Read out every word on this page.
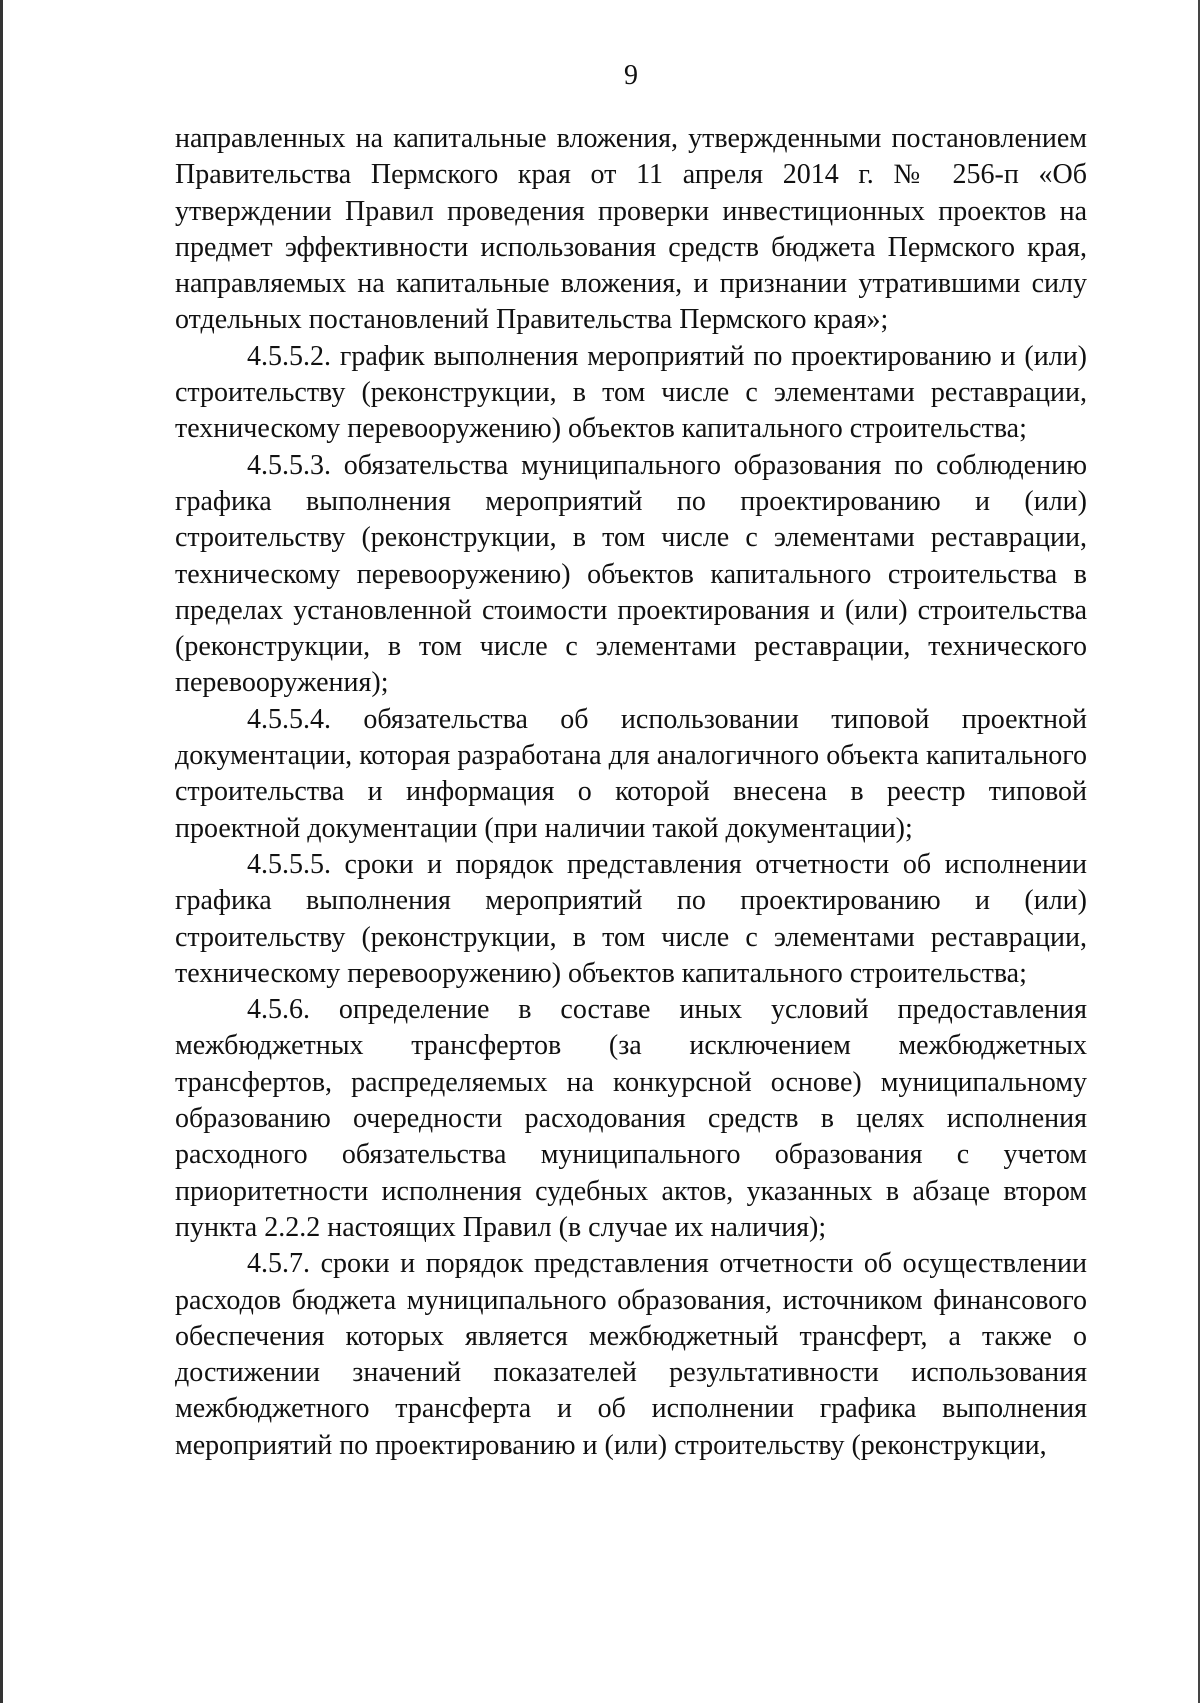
9

направленных на капитальные вложения, утвержденными постановлением Правительства Пермского края от 11 апреля 2014 г. № 256-п «Об утверждении Правил проведения проверки инвестиционных проектов на предмет эффективности использования средств бюджета Пермского края, направляемых на капитальные вложения, и признании утратившими силу отдельных постановлений Правительства Пермского края»;

4.5.5.2. график выполнения мероприятий по проектированию и (или) строительству (реконструкции, в том числе с элементами реставрации, техническому перевооружению) объектов капитального строительства;

4.5.5.3. обязательства муниципального образования по соблюдению графика выполнения мероприятий по проектированию и (или) строительству (реконструкции, в том числе с элементами реставрации, техническому перевооружению) объектов капитального строительства в пределах установленной стоимости проектирования и (или) строительства (реконструкции, в том числе с элементами реставрации, технического перевооружения);

4.5.5.4. обязательства об использовании типовой проектной документации, которая разработана для аналогичного объекта капитального строительства и информация о которой внесена в реестр типовой проектной документации (при наличии такой документации);

4.5.5.5. сроки и порядок представления отчетности об исполнении графика выполнения мероприятий по проектированию и (или) строительству (реконструкции, в том числе с элементами реставрации, техническому перевооружению) объектов капитального строительства;

4.5.6. определение в составе иных условий предоставления межбюджетных трансфертов (за исключением межбюджетных трансфертов, распределяемых на конкурсной основе) муниципальному образованию очередности расходования средств в целях исполнения расходного обязательства муниципального образования с учетом приоритетности исполнения судебных актов, указанных в абзаце втором пункта 2.2.2 настоящих Правил (в случае их наличия);

4.5.7. сроки и порядок представления отчетности об осуществлении расходов бюджета муниципального образования, источником финансового обеспечения которых является межбюджетный трансферт, а также о достижении значений показателей результативности использования межбюджетного трансферта и об исполнении графика выполнения мероприятий по проектированию и (или) строительству (реконструкции,
